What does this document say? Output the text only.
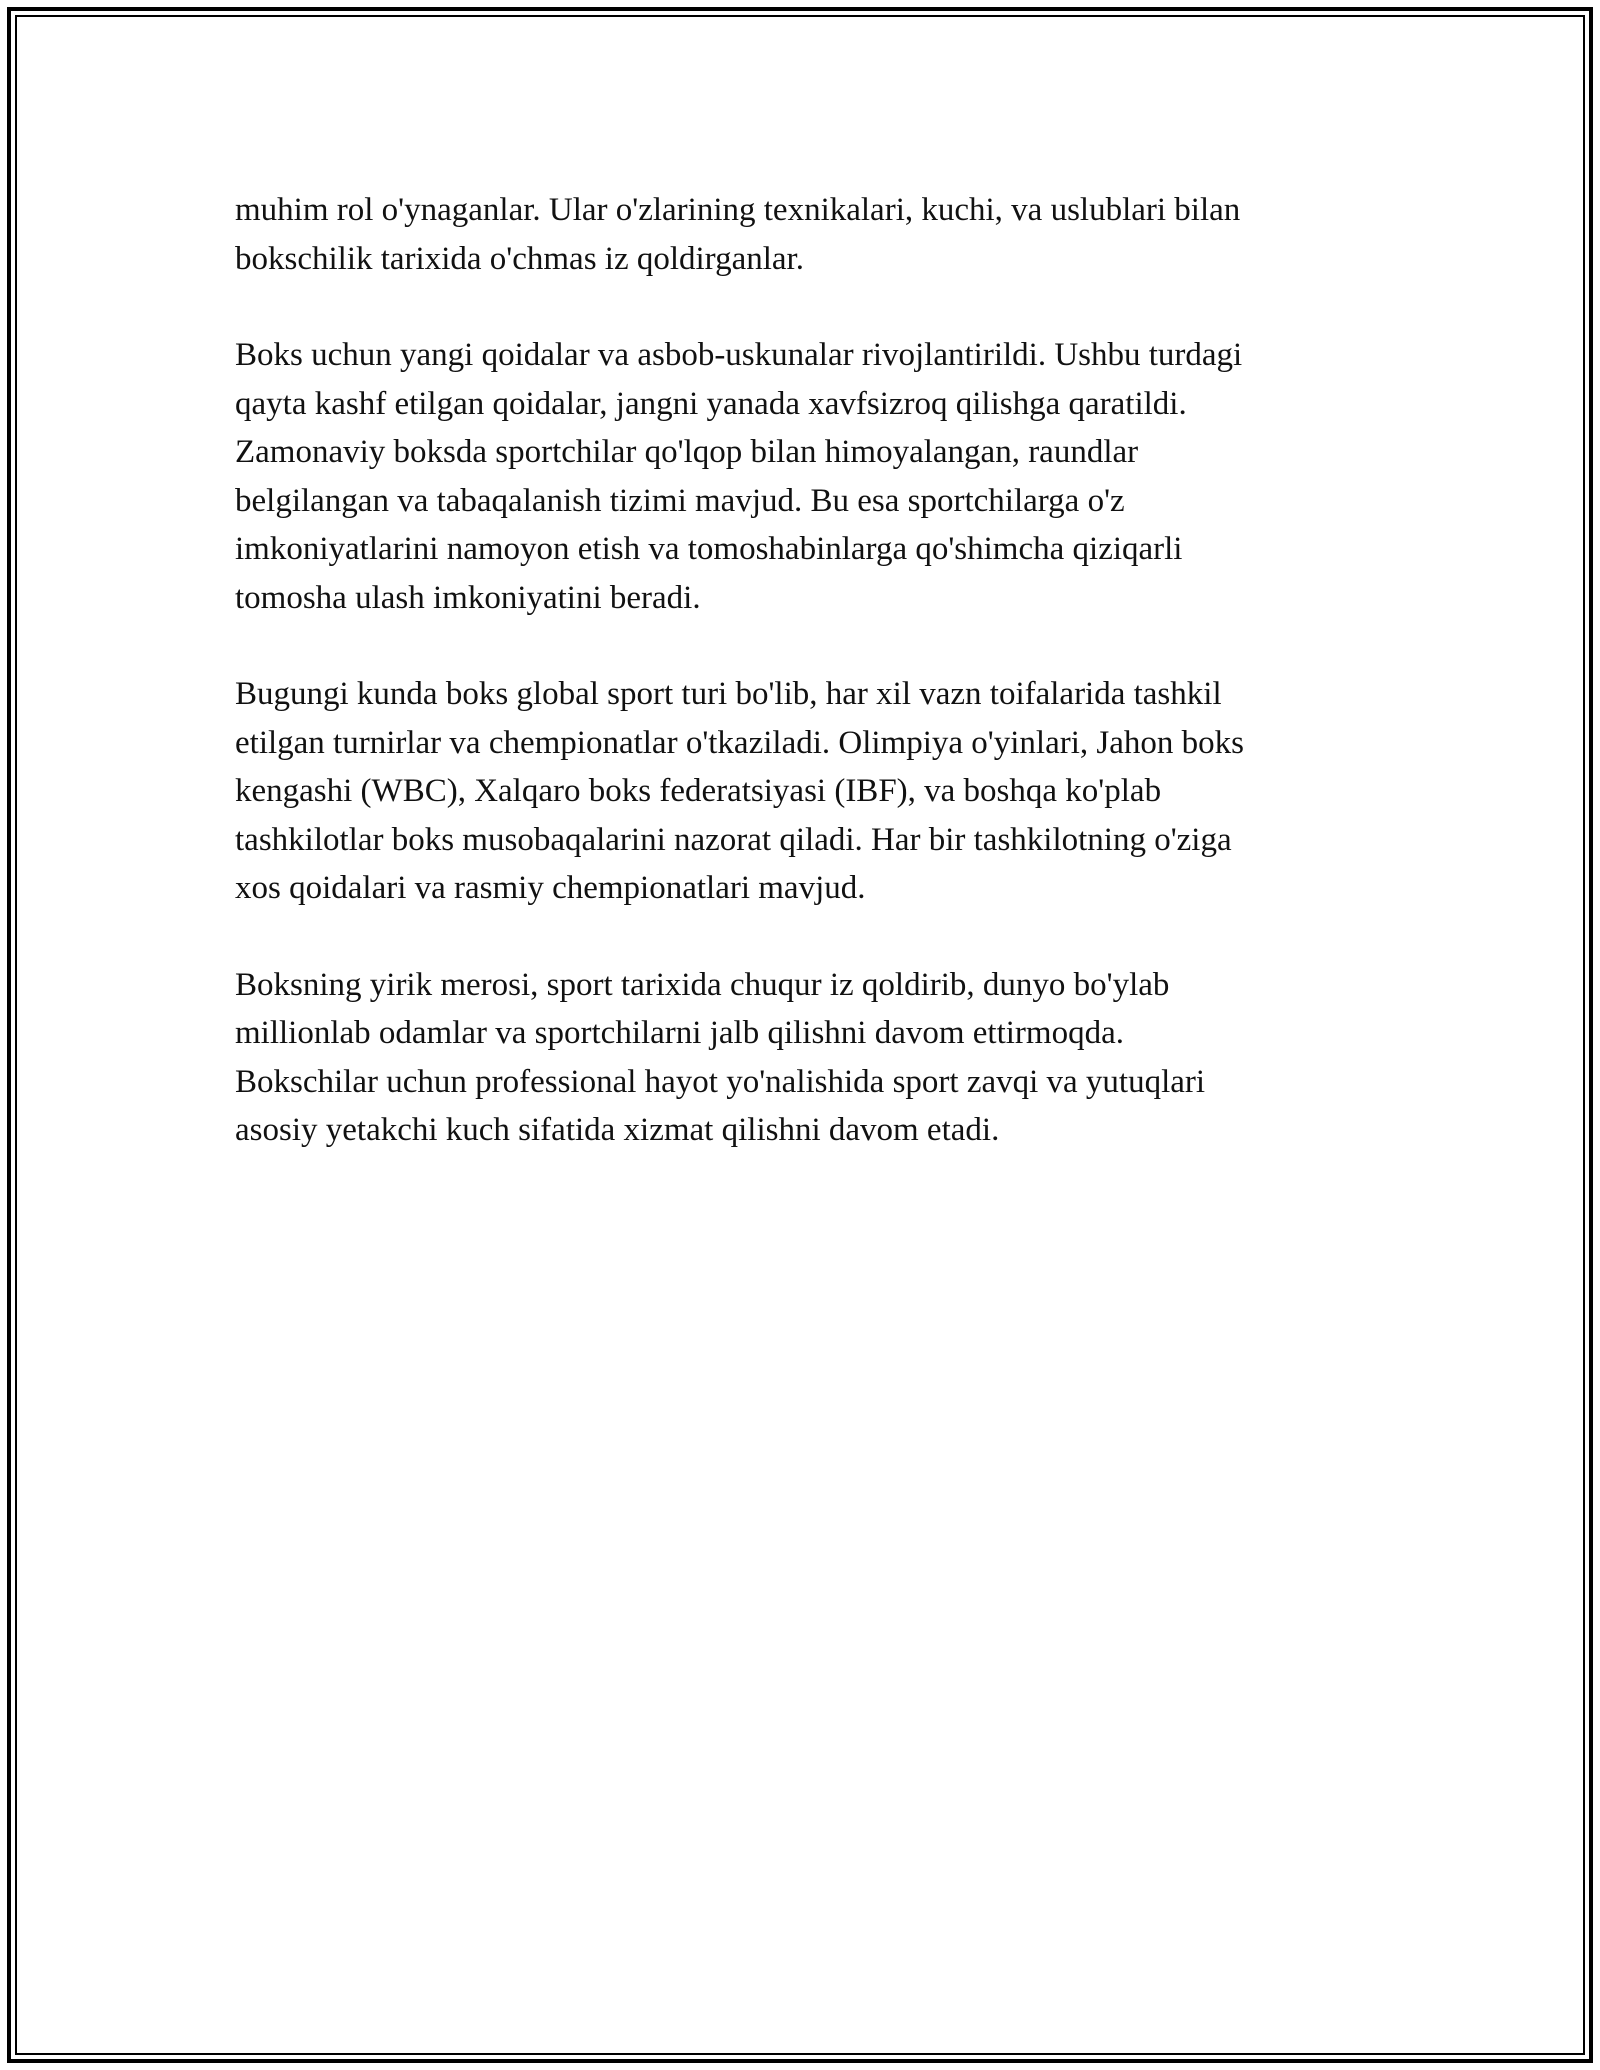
muhim rol o'ynaganlar. Ular o'zlarining texnikalari, kuchi, va uslublari bilan
bokschilik tarixida o'chmas iz qoldirganlar.

Boks uchun yangi qoidalar va asbob-uskunalar rivojlantirildi. Ushbu turdagi
qayta kashf etilgan qoidalar, jangni yanada xavfsizroq qilishga qaratildi.
Zamonaviy boksda sportchilar qo'lqop bilan himoyalangan, raundlar
belgilangan va tabaqalanish tizimi mavjud. Bu esa sportchilarga o'z
imkoniyatlarini namoyon etish va tomoshabinlarga qo'shimcha qiziqarli
tomosha ulash imkoniyatini beradi.

Bugungi kunda boks global sport turi bo'lib, har xil vazn toifalarida tashkil
etilgan turnirlar va chempionatlar o'tkaziladi. Olimpiya o'yinlari, Jahon boks
kengashi (WBC), Xalqaro boks federatsiyasi (IBF), va boshqa ko'plab
tashkilotlar boks musobaqalarini nazorat qiladi. Har bir tashkilotning o'ziga
xos qoidalari va rasmiy chempionatlari mavjud.

Boksning yirik merosi, sport tarixida chuqur iz qoldirib, dunyo bo'ylab
millionlab odamlar va sportchilarni jalb qilishni davom ettirmoqda.
Bokschilar uchun professional hayot yo'nalishida sport zavqi va yutuqlari
asosiy yetakchi kuch sifatida xizmat qilishni davom etadi.
